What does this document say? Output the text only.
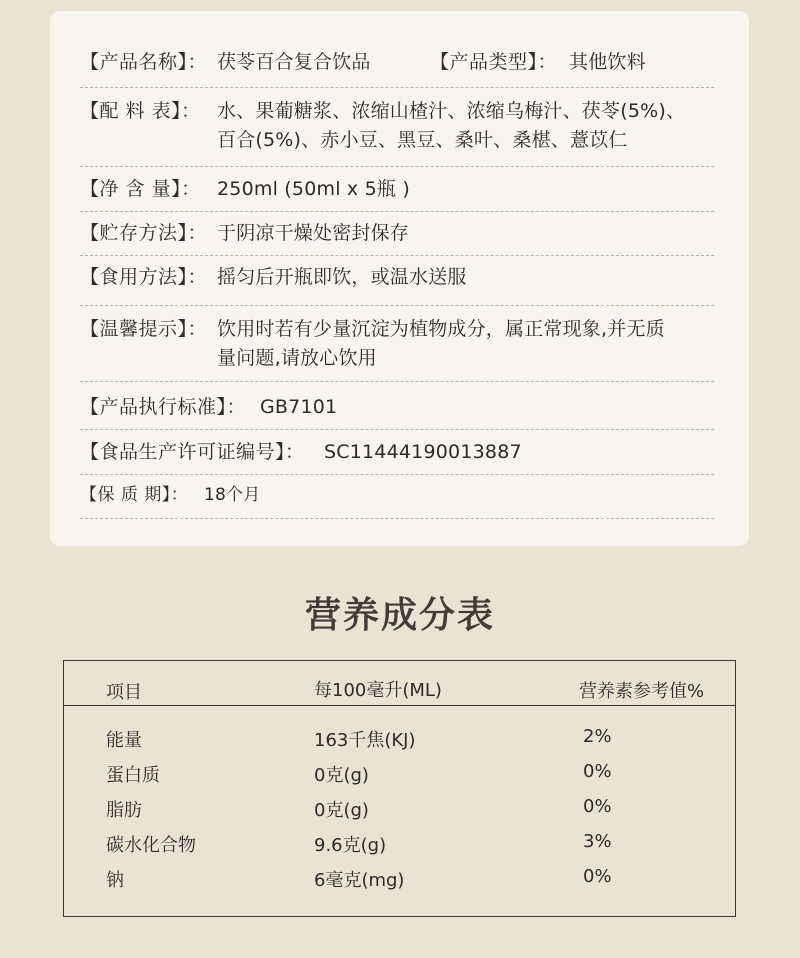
【产品名称】： 茯苓百合复合饮品	【产品类型】： 其他饮料
【配 料 表】： 水、果葡糖浆、浓缩山楂汁、浓缩乌梅汁、茯苓(5%)、
百合(5%)、赤小豆、黑豆、桑叶、桑椹、薏苡仁
【净 含 量】： 250ml (50ml x 5瓶 )
【贮存方法】： 于阴凉干燥处密封保存
【食用方法】： 摇匀后开瓶即饮，或温水送服
【温馨提示】： 饮用时若有少量沉淀为植物成分，属正常现象,并无质
量问题,请放心饮用
【产品执行标准】： GB7101
【食品生产许可证编号】： SC11444190013887
【保 质 期】： 18个月
营养成分表
项目	每100毫升(ML)	营养素参考值%
能量	163千焦(KJ)	2%
蛋白质	0克(g)	0%
脂肪	0克(g)	0%
碳水化合物	9.6克(g)	3%
钠	6毫克(mg)	0%
